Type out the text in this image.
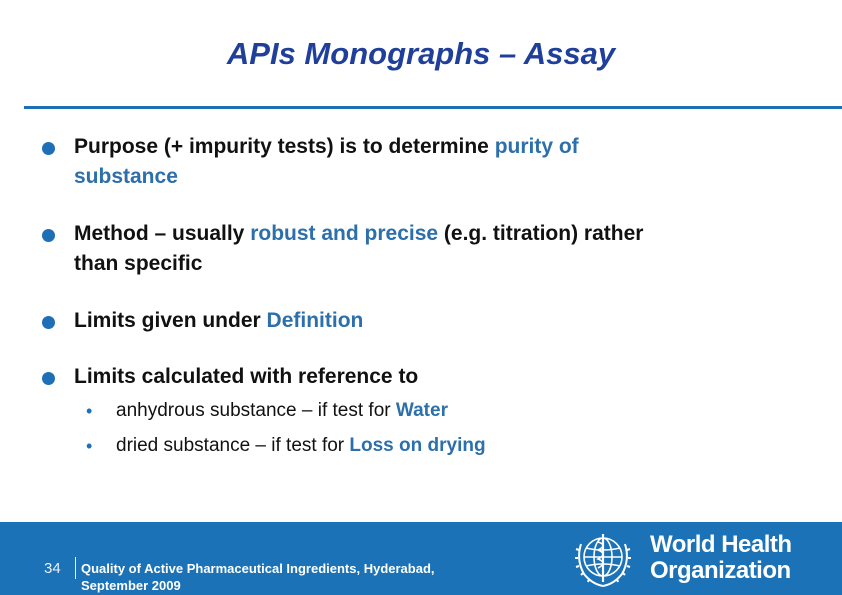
APIs Monographs – Assay
Purpose (+ impurity tests) is to determine purity of
substance
Method – usually robust and precise (e.g. titration) rather
than specific
Limits given under Definition
Limits calculated with reference to
• anhydrous substance – if test for Water
• dried substance – if test for Loss on drying
34 Quality of Active Pharmaceutical Ingredients, Hyderabad,
September 2009
World Health
Organization
